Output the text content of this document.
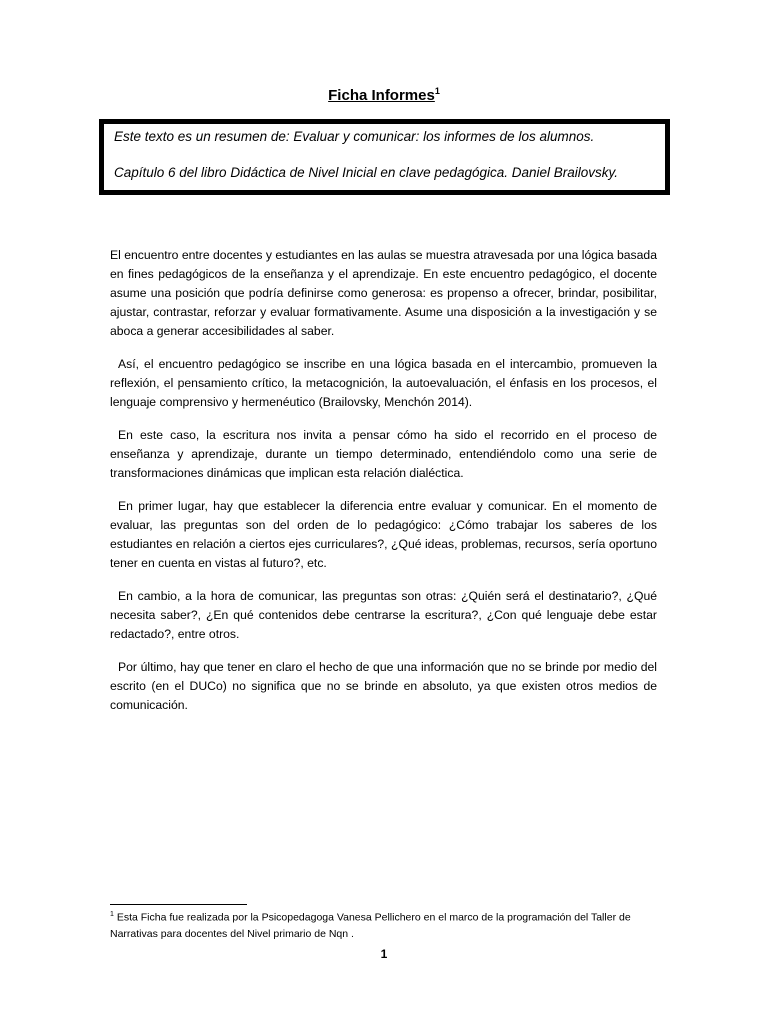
Ficha Informes$^1$

Este texto es un resumen de: Evaluar y comunicar: los informes de los alumnos.

Capítulo 6 del libro Didáctica de Nivel Inicial en clave pedagógica. Daniel Brailovsky.

El encuentro entre docentes y estudiantes en las aulas se muestra atravesada por una lógica basada en fines pedagógicos de la enseñanza y el aprendizaje. En este encuentro pedagógico, el docente asume una posición que podría definirse como generosa: es propenso a ofrecer, brindar, posibilitar, ajustar, contrastar, reforzar y evaluar formativamente. Asume una disposición a la investigación y se aboca a generar accesibilidades al saber.

Así, el encuentro pedagógico se inscribe en una lógica basada en el intercambio, promueven la reflexión, el pensamiento crítico, la metacognición, la autoevaluación, el énfasis en los procesos, el lenguaje comprensivo y hermenéutico (Brailovsky, Menchón 2014).

En este caso, la escritura nos invita a pensar cómo ha sido el recorrido en el proceso de enseñanza y aprendizaje, durante un tiempo determinado, entendiéndolo como una serie de transformaciones dinámicas que implican esta relación dialéctica.

En primer lugar, hay que establecer la diferencia entre evaluar y comunicar. En el momento de evaluar, las preguntas son del orden de lo pedagógico: ¿Cómo trabajar los saberes de los estudiantes en relación a ciertos ejes curriculares?, ¿Qué ideas, problemas, recursos, sería oportuno tener en cuenta en vistas al futuro?, etc.

En cambio, a la hora de comunicar, las preguntas son otras: ¿Quién será el destinatario?, ¿Qué necesita saber?, ¿En qué contenidos debe centrarse la escritura?, ¿Con qué lenguaje debe estar redactado?, entre otros.

Por último, hay que tener en claro el hecho de que una información que no se brinde por medio del escrito (en el DUCo) no significa que no se brinde en absoluto, ya que existen otros medios de comunicación.

$^1$ Esta Ficha fue realizada por la Psicopedagoga Vanesa Pellichero en el marco de la programación del Taller de Narrativas para docentes del Nivel primario de Nqn .
1
